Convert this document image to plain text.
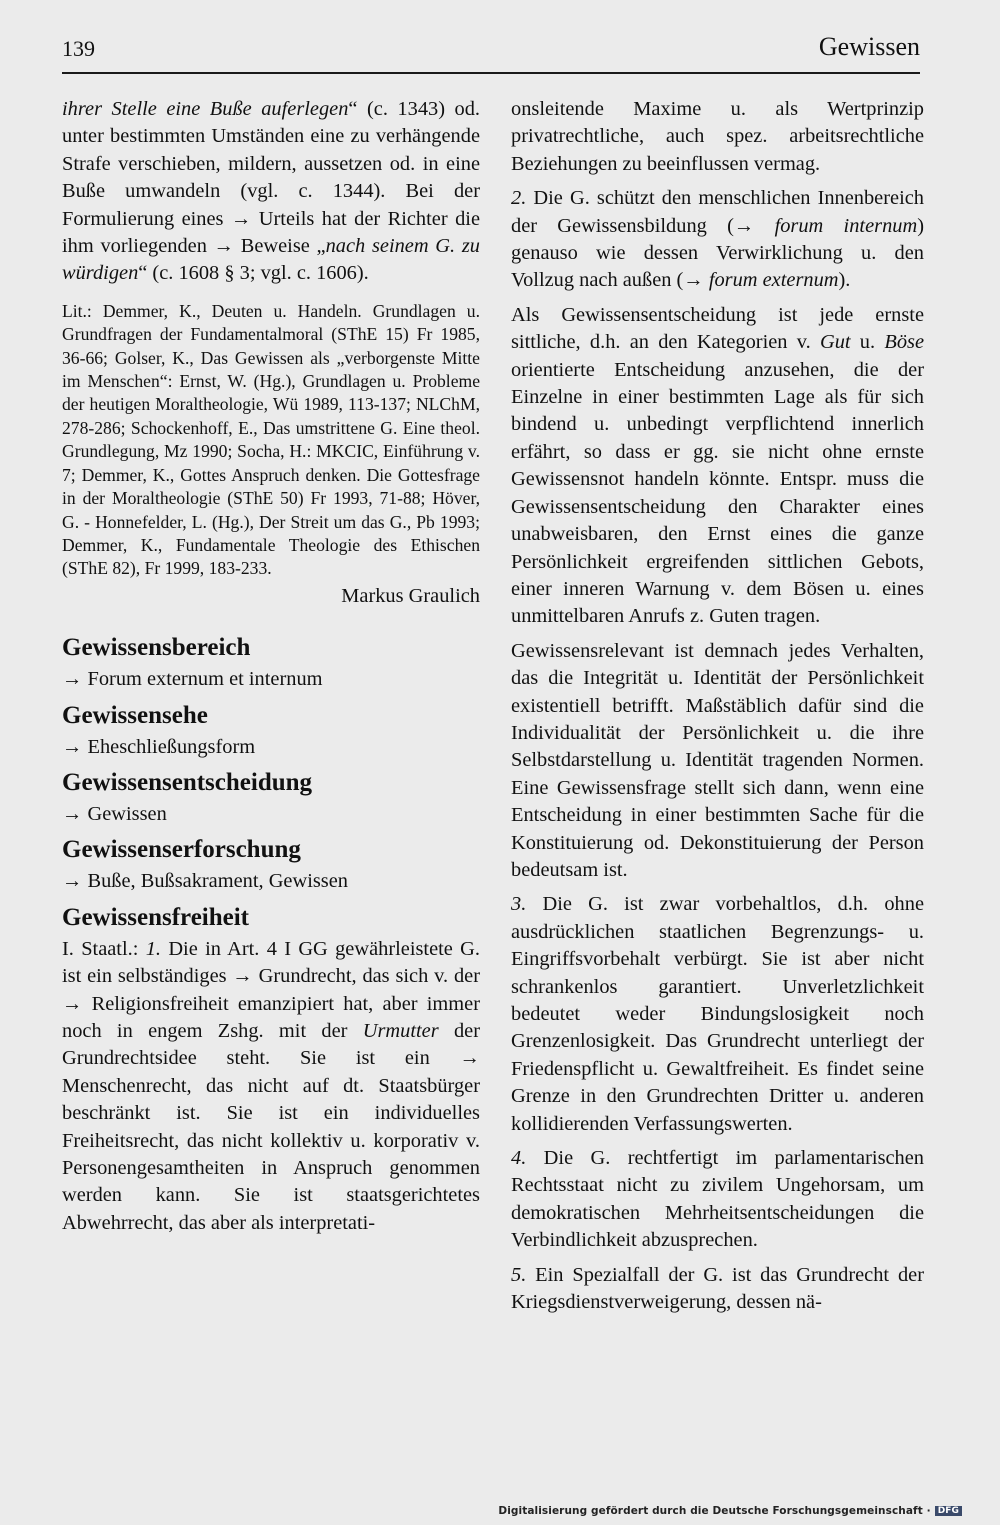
139	Gewissen

ihrer Stelle eine Buße auferlegen“ (c. 1343) od. unter bestimmten Umständen eine zu verhängende Strafe verschieben, mildern, aussetzen od. in eine Buße umwandeln (vgl. c. 1344). Bei der Formulierung eines → Urteils hat der Richter die ihm vorliegenden → Beweise „nach seinem G. zu würdigen“ (c. 1608 § 3; vgl. c. 1606).

Lit.: Demmer, K., Deuten u. Handeln. Grundlagen u. Grundfragen der Fundamentalmoral (SThE 15) Fr 1985, 36-66; Golser, K., Das Gewissen als „verborgenste Mitte im Menschen“: Ernst, W. (Hg.), Grundlagen u. Probleme der heutigen Moraltheologie, Wü 1989, 113-137; NLChM, 278-286; Schockenhoff, E., Das umstrittene G. Eine theol. Grundlegung, Mz 1990; Socha, H.: MKCIC, Einführung v. 7; Demmer, K., Gottes Anspruch denken. Die Gottesfrage in der Moraltheologie (SThE 50) Fr 1993, 71-88; Höver, G. - Honnefelder, L. (Hg.), Der Streit um das G., Pb 1993; Demmer, K., Fundamentale Theologie des Ethischen (SThE 82), Fr 1999, 183-233.

Markus Graulich

Gewissensbereich

→ Forum externum et internum

Gewissensehe

→ Eheschließungsform

Gewissensentscheidung

→ Gewissen

Gewissenserforschung

→ Buße, Bußsakrament, Gewissen

Gewissensfreiheit

I. Staatl.: 1. Die in Art. 4 I GG gewährleistete G. ist ein selbständiges → Grundrecht, das sich v. der → Religionsfreiheit emanzipiert hat, aber immer noch in engem Zshg. mit der Urmutter der Grundrechtsidee steht. Sie ist ein → Menschenrecht, das nicht auf dt. Staatsbürger beschränkt ist. Sie ist ein individuelles Freiheitsrecht, das nicht kollektiv u. korporativ v. Personengesamtheiten in Anspruch genommen werden kann. Sie ist staatsgerichtetes Abwehrrecht, das aber als interpretati-

onsleitende Maxime u. als Wertprinzip privatrechtliche, auch spez. arbeitsrechtliche Beziehungen zu beeinflussen vermag.

2. Die G. schützt den menschlichen Innenbereich der Gewissensbildung (→ forum internum) genauso wie dessen Verwirklichung u. den Vollzug nach außen (→ forum externum).

Als Gewissensentscheidung ist jede ernste sittliche, d.h. an den Kategorien v. Gut u. Böse orientierte Entscheidung anzusehen, die der Einzelne in einer bestimmten Lage als für sich bindend u. unbedingt verpflichtend innerlich erfährt, so dass er gg. sie nicht ohne ernste Gewissensnot handeln könnte. Entspr. muss die Gewissensentscheidung den Charakter eines unabweisbaren, den Ernst eines die ganze Persönlichkeit ergreifenden sittlichen Gebots, einer inneren Warnung v. dem Bösen u. eines unmittelbaren Anrufs z. Guten tragen.

Gewissensrelevant ist demnach jedes Verhalten, das die Integrität u. Identität der Persönlichkeit existentiell betrifft. Maßstäblich dafür sind die Individualität der Persönlichkeit u. die ihre Selbstdarstellung u. Identität tragenden Normen. Eine Gewissensfrage stellt sich dann, wenn eine Entscheidung in einer bestimmten Sache für die Konstituierung od. Dekonstituierung der Person bedeutsam ist.

3. Die G. ist zwar vorbehaltlos, d.h. ohne ausdrücklichen staatlichen Begrenzungs- u. Eingriffsvorbehalt verbürgt. Sie ist aber nicht schrankenlos garantiert. Unverletzlichkeit bedeutet weder Bindungslosigkeit noch Grenzenlosigkeit. Das Grundrecht unterliegt der Friedenspflicht u. Gewaltfreiheit. Es findet seine Grenze in den Grundrechten Dritter u. anderen kollidierenden Verfassungswerten.

4. Die G. rechtfertigt im parlamentarischen Rechtsstaat nicht zu zivilem Ungehorsam, um demokratischen Mehrheitsentscheidungen die Verbindlichkeit abzusprechen.

5. Ein Spezialfall der G. ist das Grundrecht der Kriegsdienstverweigerung, dessen nä-

Digitalisierung gefördert durch die Deutsche Forschungsgemeinschaft · DFG
